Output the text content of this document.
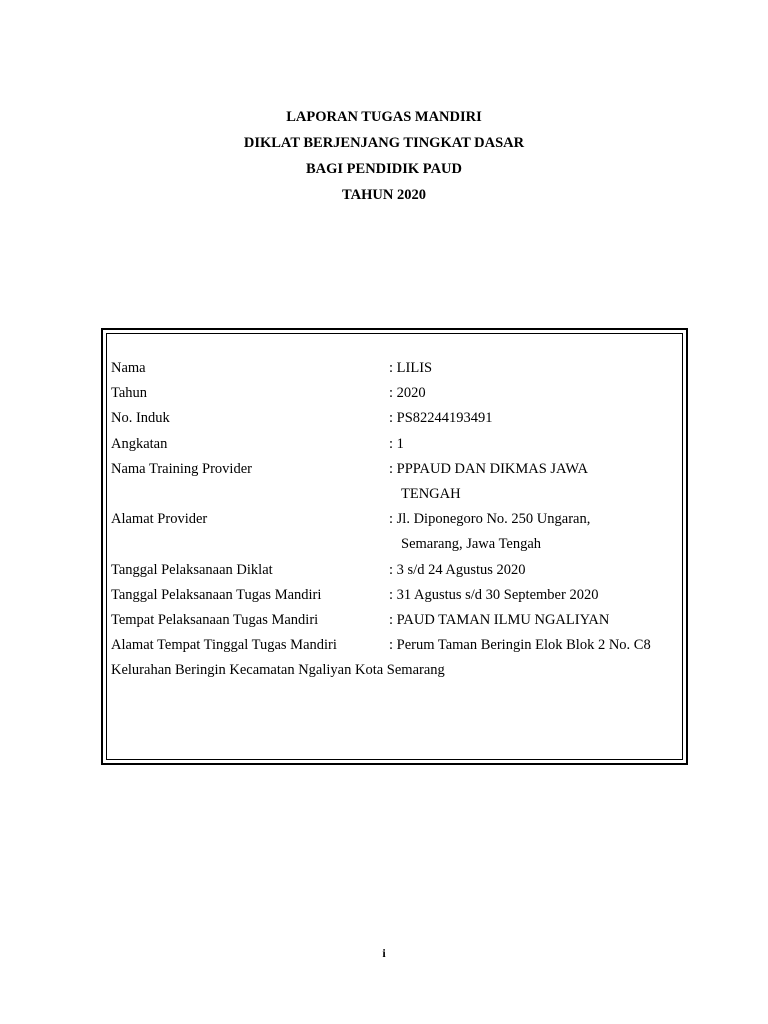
LAPORAN TUGAS MANDIRI
DIKLAT BERJENJANG TINGKAT DASAR
BAGI PENDIDIK PAUD
TAHUN 2020
Nama	: LILIS
Tahun	: 2020
No. Induk	: PS82244193491
Angkatan	: 1
Nama Training Provider	: PPPAUD DAN DIKMAS JAWA
TENGAH
Alamat Provider	: Jl. Diponegoro No. 250 Ungaran,
Semarang, Jawa Tengah
Tanggal Pelaksanaan Diklat	: 3 s/d 24 Agustus 2020
Tanggal Pelaksanaan Tugas Mandiri	: 31 Agustus s/d 30 September 2020
Tempat Pelaksanaan Tugas Mandiri	: PAUD TAMAN ILMU NGALIYAN
Alamat Tempat Tinggal Tugas Mandiri	: Perum Taman Beringin Elok Blok 2 No. C8
Kelurahan Beringin Kecamatan Ngaliyan Kota Semarang
i
